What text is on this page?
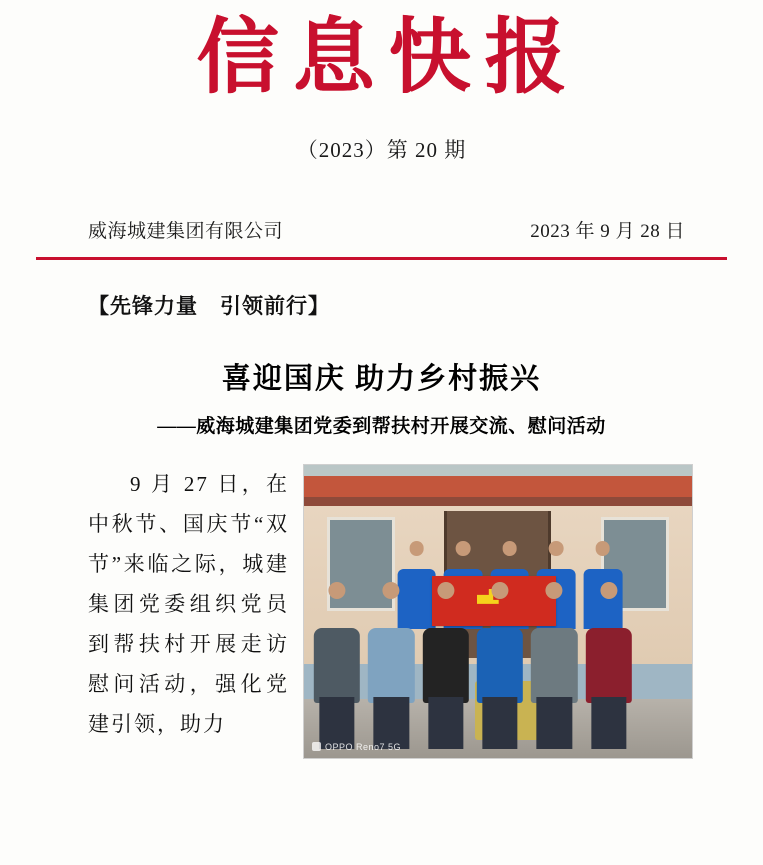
信息快报
（2023）第 20 期
威海城建集团有限公司	2023 年 9 月 28 日
【先锋力量　引领前行】
喜迎国庆 助力乡村振兴
——威海城建集团党委到帮扶村开展交流、慰问活动
OPPO Reno7 5G
9 月 27 日，在中秋节、国庆节“双节”来临之际，城建集团党委组织党员到帮扶村开展走访慰问活动，强化党建引领，助力
